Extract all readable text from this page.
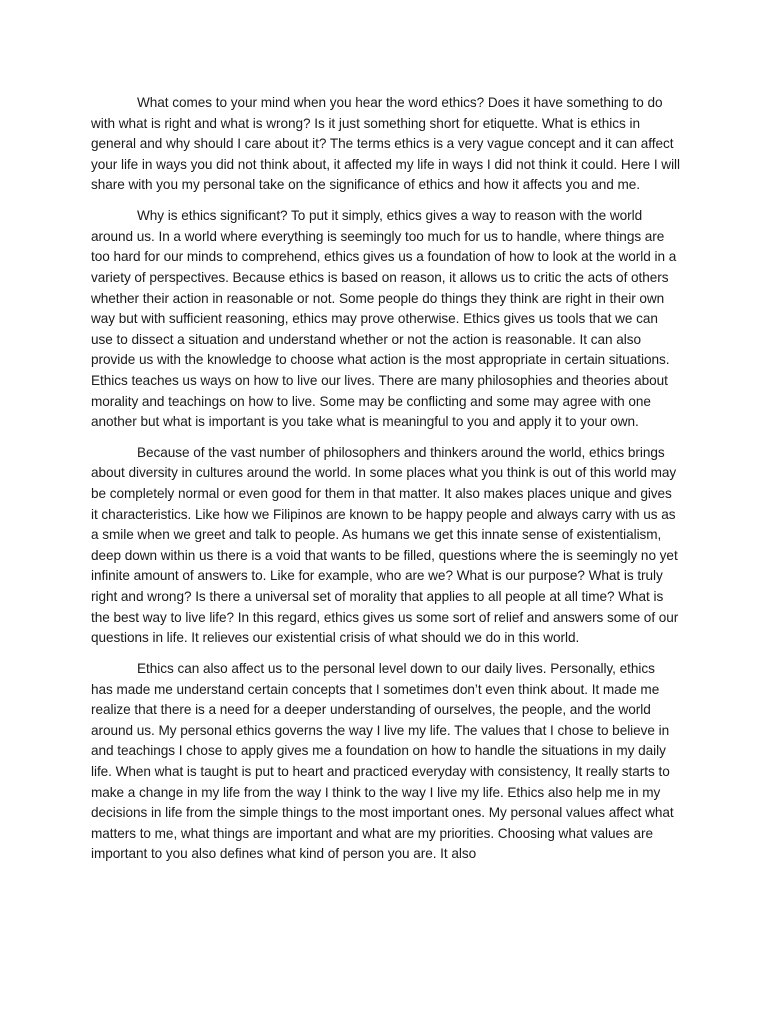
What comes to your mind when you hear the word ethics? Does it have something to do with what is right and what is wrong? Is it just something short for etiquette. What is ethics in general and why should I care about it? The terms ethics is a very vague concept and it can affect your life in ways you did not think about, it affected my life in ways I did not think it could. Here I will share with you my personal take on the significance of ethics and how it affects you and me.

Why is ethics significant? To put it simply, ethics gives a way to reason with the world around us. In a world where everything is seemingly too much for us to handle, where things are too hard for our minds to comprehend, ethics gives us a foundation of how to look at the world in a variety of perspectives. Because ethics is based on reason, it allows us to critic the acts of others whether their action in reasonable or not. Some people do things they think are right in their own way but with sufficient reasoning, ethics may prove otherwise. Ethics gives us tools that we can use to dissect a situation and understand whether or not the action is reasonable. It can also provide us with the knowledge to choose what action is the most appropriate in certain situations. Ethics teaches us ways on how to live our lives. There are many philosophies and theories about morality and teachings on how to live. Some may be conflicting and some may agree with one another but what is important is you take what is meaningful to you and apply it to your own.

Because of the vast number of philosophers and thinkers around the world, ethics brings about diversity in cultures around the world. In some places what you think is out of this world may be completely normal or even good for them in that matter. It also makes places unique and gives it characteristics. Like how we Filipinos are known to be happy people and always carry with us as a smile when we greet and talk to people. As humans we get this innate sense of existentialism, deep down within us there is a void that wants to be filled, questions where the is seemingly no yet infinite amount of answers to. Like for example, who are we? What is our purpose? What is truly right and wrong? Is there a universal set of morality that applies to all people at all time? What is the best way to live life? In this regard, ethics gives us some sort of relief and answers some of our questions in life. It relieves our existential crisis of what should we do in this world.

Ethics can also affect us to the personal level down to our daily lives. Personally, ethics has made me understand certain concepts that I sometimes don’t even think about. It made me realize that there is a need for a deeper understanding of ourselves, the people, and the world around us. My personal ethics governs the way I live my life. The values that I chose to believe in and teachings I chose to apply gives me a foundation on how to handle the situations in my daily life. When what is taught is put to heart and practiced everyday with consistency, It really starts to make a change in my life from the way I think to the way I live my life. Ethics also help me in my decisions in life from the simple things to the most important ones. My personal values affect what matters to me, what things are important and what are my priorities. Choosing what values are important to you also defines what kind of person you are. It also
